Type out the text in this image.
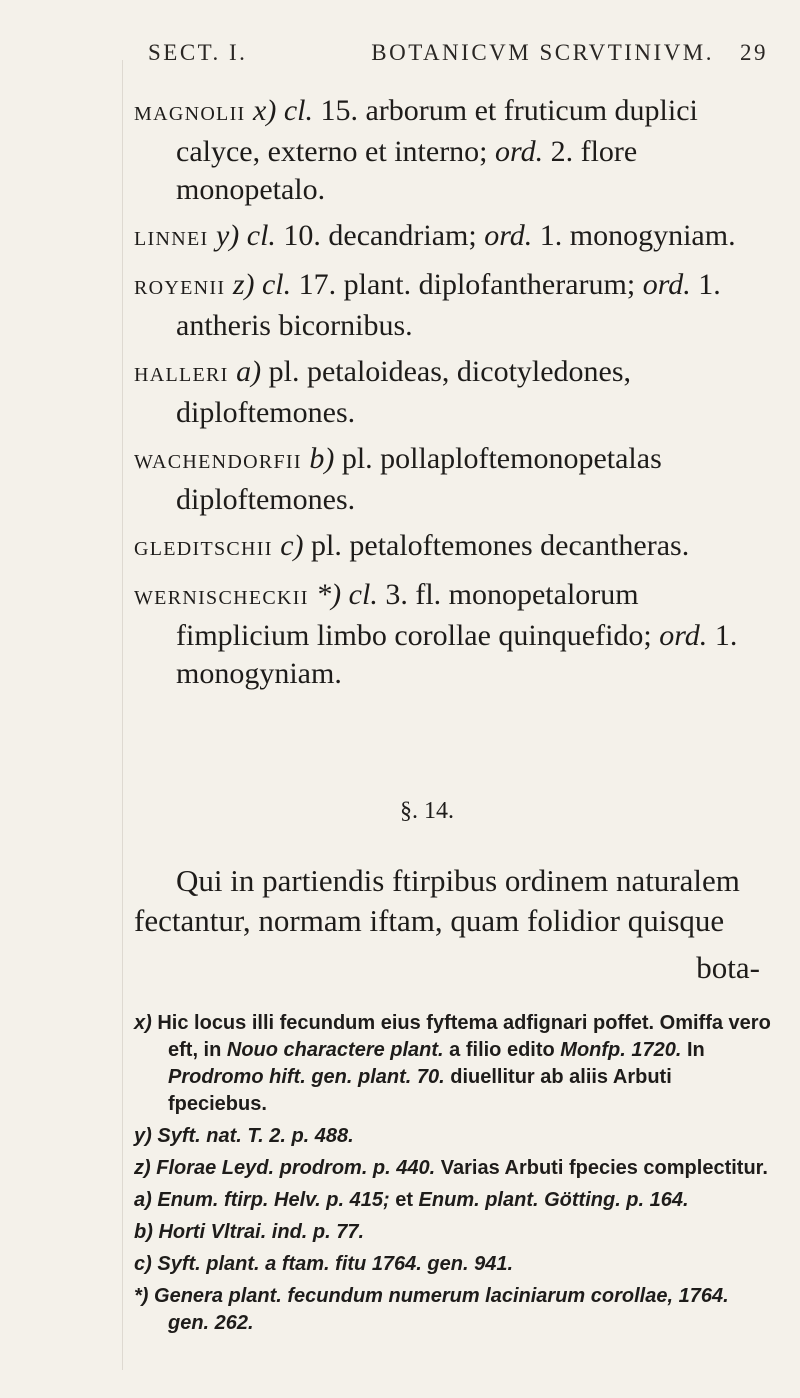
SECT. I.	BOTANICVM SCRVTINIVM. 29

MAGNOLII x) cl. 15. arborum et fruticum duplici calyce, externo et interno; ord. 2. flore monopetalo.

LINNEI y) cl. 10. decandriam; ord. 1. monogyniam.

ROYENII z) cl. 17. plant. diplofantherarum; ord. 1. antheris bicornibus.

HALLERI a) pl. petaloideas, dicotyledones, diploftemones.

WACHENDORFII b) pl. pollaploftemonopetalas diploftemones.

GLEDITSCHII c) pl. petaloftemones decantheras.

WERNISCHECKII *) cl. 3. fl. monopetalorum fimplicium limbo corollae quinquefido; ord. 1. monogyniam.

§. 14.

Qui in partiendis ftirpibus ordinem naturalem fectantur, normam iftam, quam folidior quisque

bota-

x) Hic locus illi fecundum eius fyftema adfignari poffet. Omiffa vero eft, in Nouo charactere plant. a filio edito Monfp. 1720. In Prodromo hift. gen. plant. 70. diuellitur ab aliis Arbuti fpeciebus.

y) Syft. nat. T. 2. p. 488.

z) Florae Leyd. prodrom. p. 440. Varias Arbuti fpecies complectitur.

a) Enum. ftirp. Helv. p. 415; et Enum. plant. Götting. p. 164.

b) Horti Vltrai. ind. p. 77.

c) Syft. plant. a ftam. fitu 1764. gen. 941.

*) Genera plant. fecundum numerum laciniarum corollae, 1764. gen. 262.
